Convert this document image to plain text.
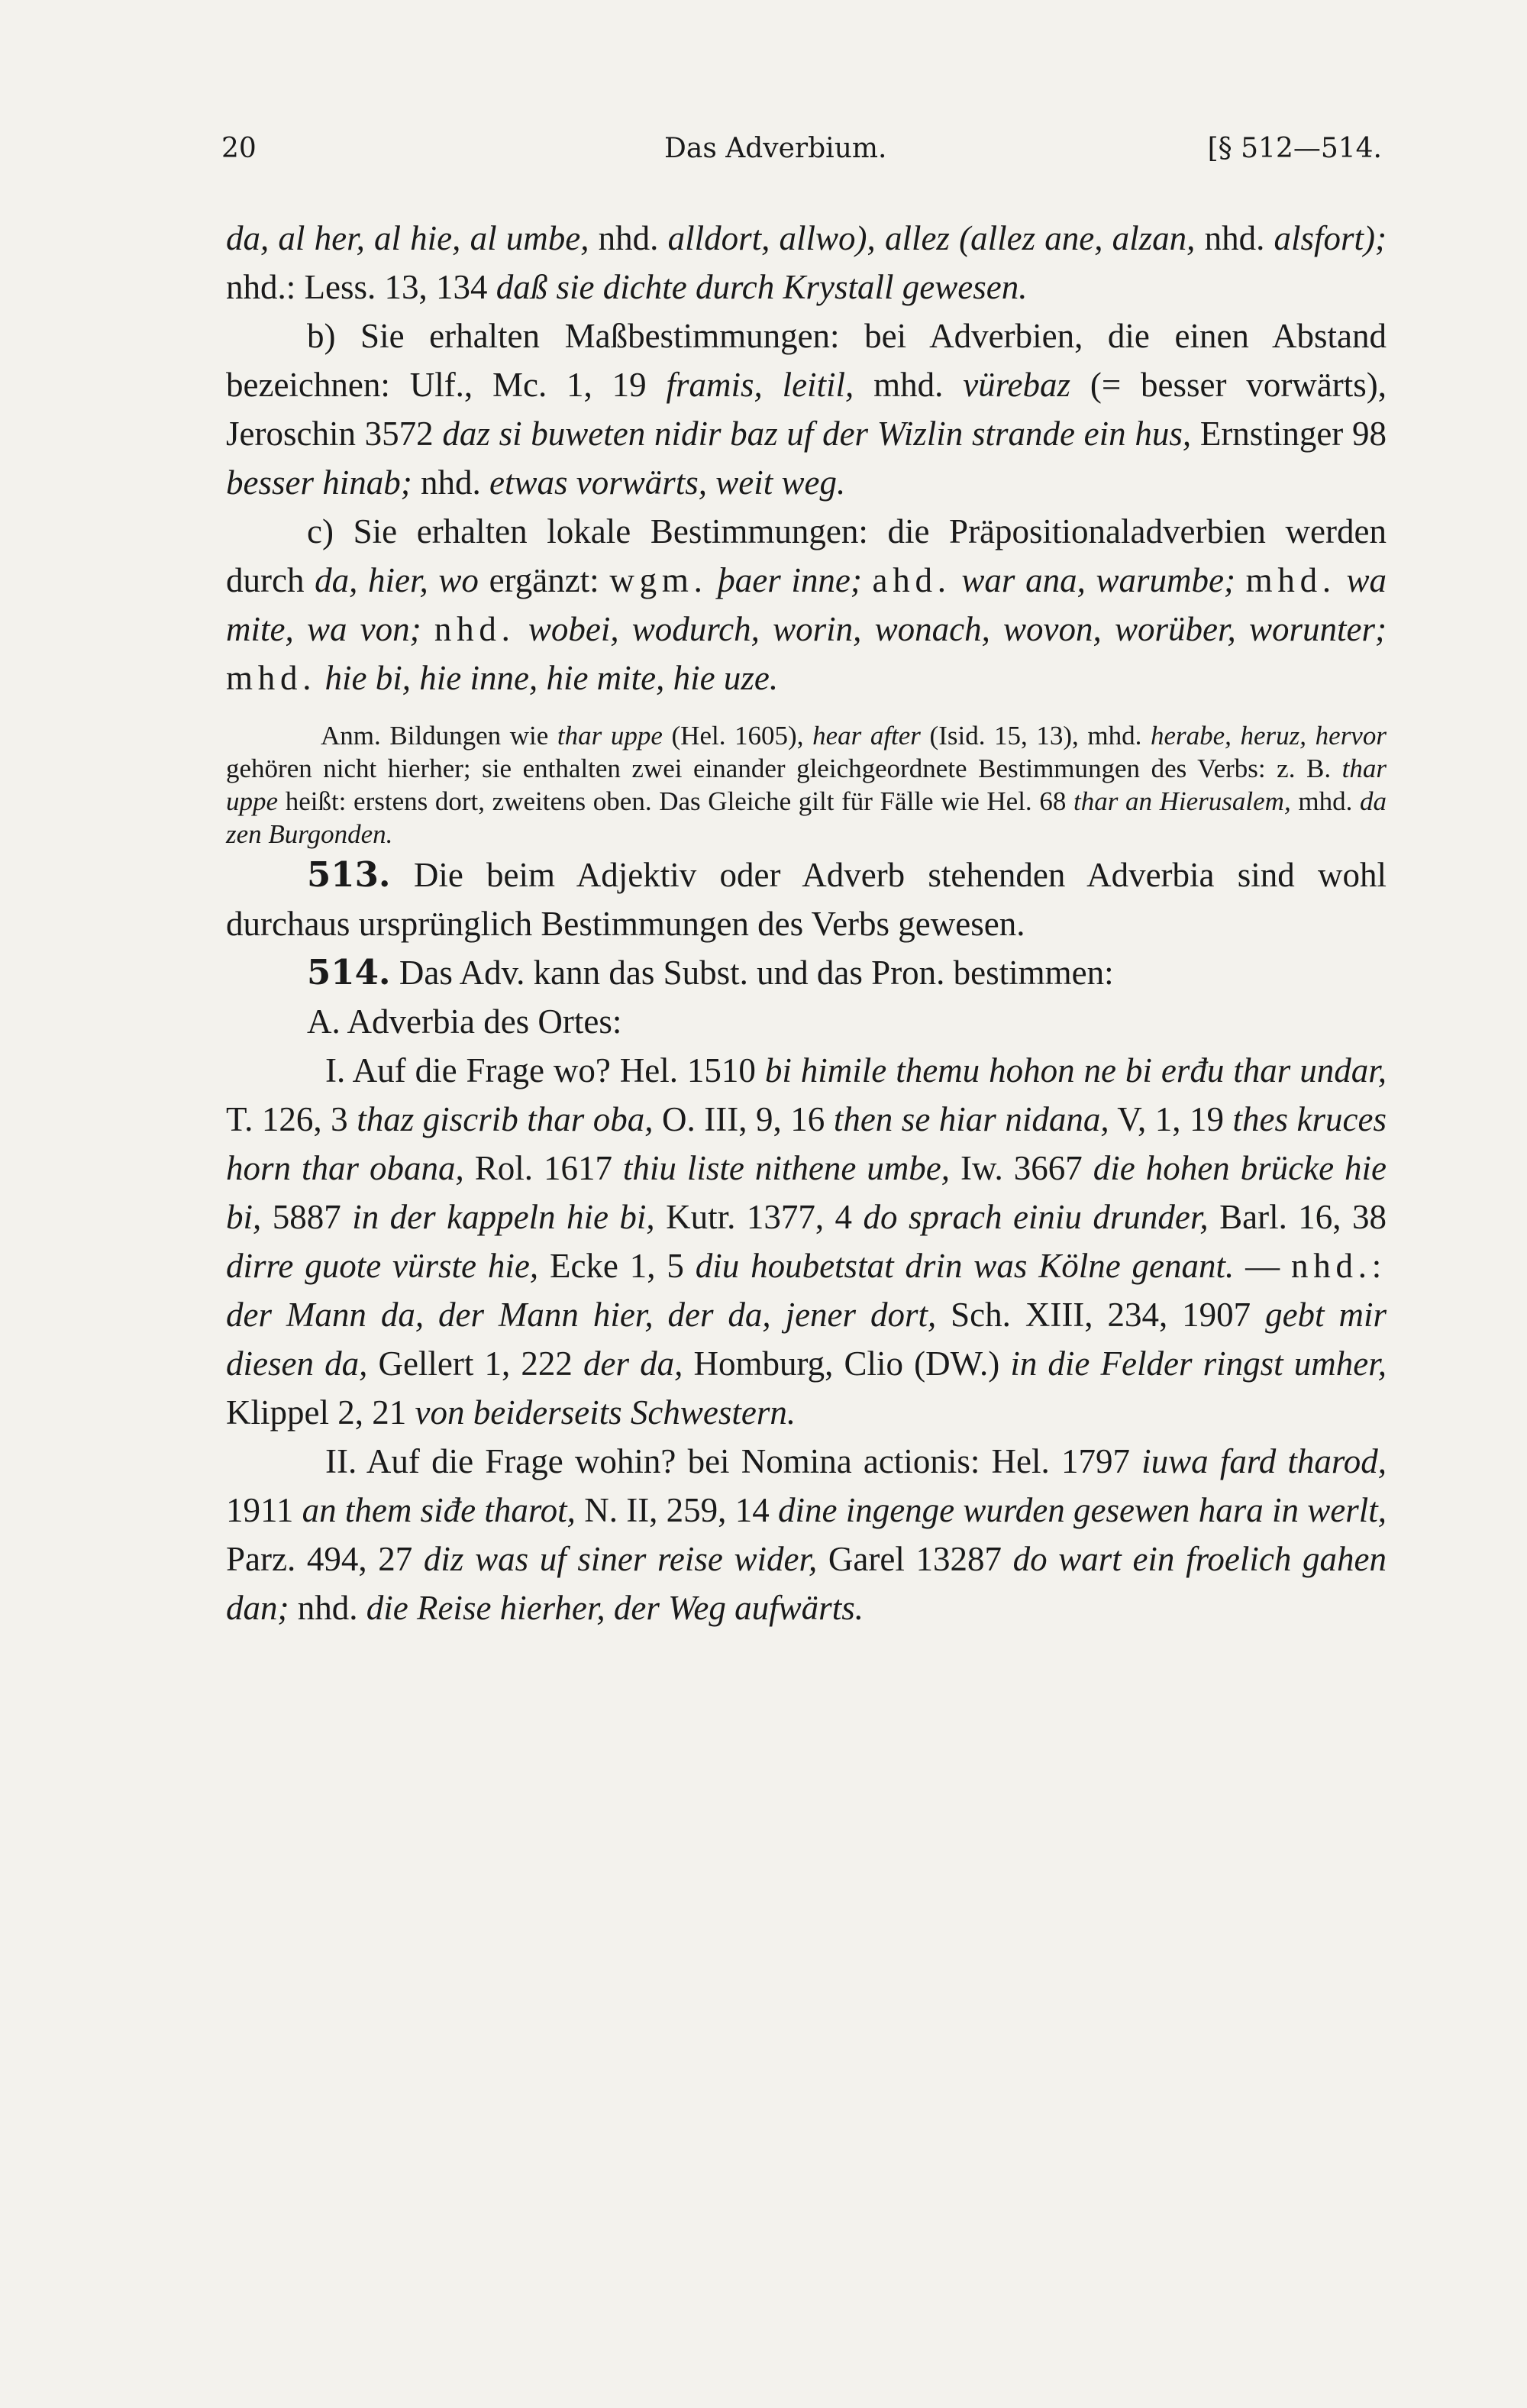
20	Das Adverbium.	[§ 512—514.

da, al her, al hie, al umbe, nhd. alldort, allwo), allez (allez ane, alzan, nhd. alsfort); nhd.: Less. 13, 134 daß sie dichte durch Krystall gewesen.

b) Sie erhalten Maßbestimmungen: bei Adverbien, die einen Abstand bezeichnen: Ulf., Mc. 1, 19 framis, leitil, mhd. vürebaz (= besser vorwärts), Jeroschin 3572 daz si buweten nidir baz uf der Wizlin strande ein hus, Ernstinger 98 besser hinab; nhd. etwas vorwärts, weit weg.

c) Sie erhalten lokale Bestimmungen: die Präpositionaladverbien werden durch da, hier, wo ergänzt: wgm. þaer inne; ahd. war ana, warumbe; mhd. wa mite, wa von; nhd. wobei, wodurch, worin, wonach, wovon, worüber, worunter; mhd. hie bi, hie inne, hie mite, hie uze.

Anm. Bildungen wie thar uppe (Hel. 1605), hear after (Isid. 15, 13), mhd. herabe, heruz, hervor gehören nicht hierher; sie enthalten zwei einander gleichgeordnete Bestimmungen des Verbs: z. B. thar uppe heißt: erstens dort, zweitens oben. Das Gleiche gilt für Fälle wie Hel. 68 thar an Hierusalem, mhd. da zen Burgonden.

513. Die beim Adjektiv oder Adverb stehenden Adverbia sind wohl durchaus ursprünglich Bestimmungen des Verbs gewesen.

514. Das Adv. kann das Subst. und das Pron. bestimmen:

A. Adverbia des Ortes:

I. Auf die Frage wo? Hel. 1510 bi himile themu hohon ne bi erđu thar undar, T. 126, 3 thaz giscrib thar oba, O. III, 9, 16 then se hiar nidana, V, 1, 19 thes kruces horn thar obana, Rol. 1617 thiu liste nithene umbe, Iw. 3667 die hohen brücke hie bi, 5887 in der kappeln hie bi, Kutr. 1377, 4 do sprach einiu drunder, Barl. 16, 38 dirre guote vürste hie, Ecke 1, 5 diu houbetstat drin was Kölne genant. — nhd.: der Mann da, der Mann hier, der da, jener dort, Sch. XIII, 234, 1907 gebt mir diesen da, Gellert 1, 222 der da, Homburg, Clio (DW.) in die Felder ringst umher, Klippel 2, 21 von beiderseits Schwestern.

II. Auf die Frage wohin? bei Nomina actionis: Hel. 1797 iuwa fard tharod, 1911 an them siđe tharot, N. II, 259, 14 dine ingenge wurden gesewen hara in werlt, Parz. 494, 27 diz was uf siner reise wider, Garel 13287 do wart ein froelich gahen dan; nhd. die Reise hierher, der Weg aufwärts.
